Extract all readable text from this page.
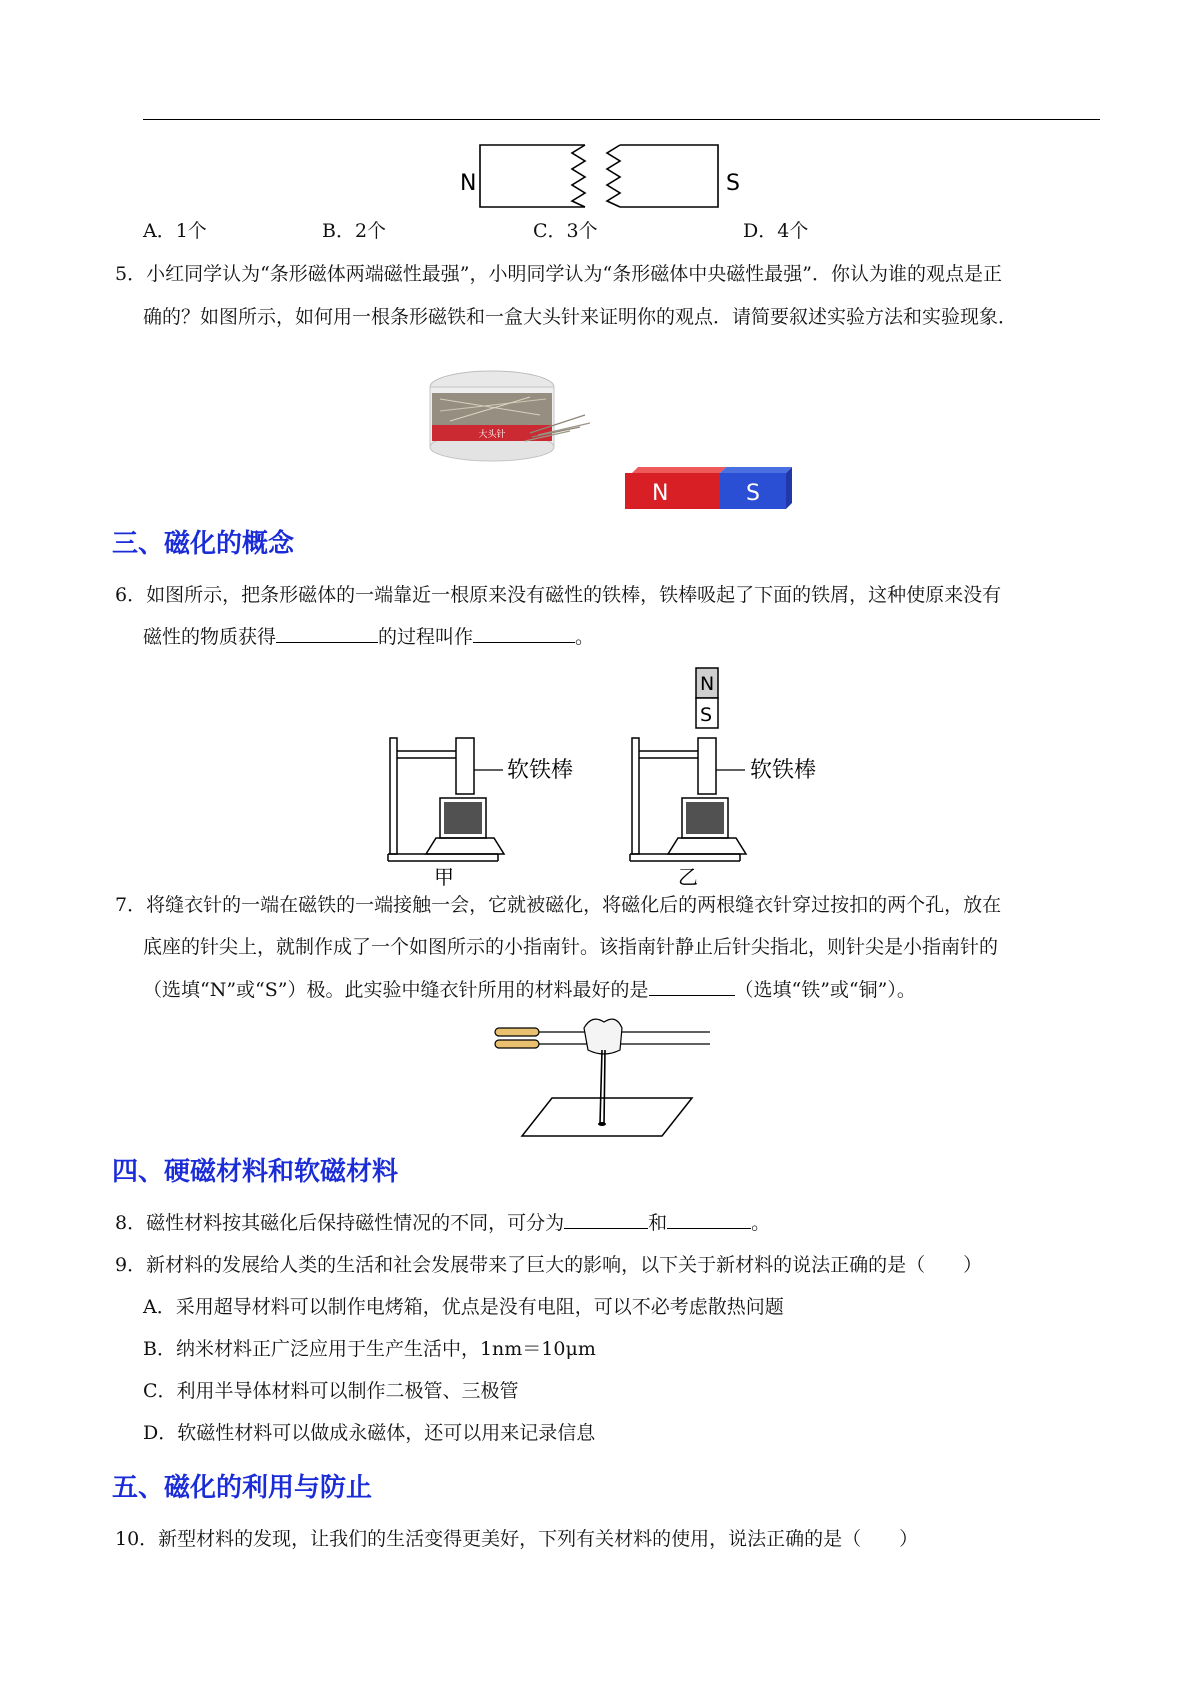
N	S
A．1个	B．2个	C．3个	D．4个
5．小红同学认为“条形磁体两端磁性最强”，小明同学认为“条形磁体中央磁性最强”．你认为谁的观点是正
确的？如图所示，如何用一根条形磁铁和一盒大头针来证明你的观点．请简要叙述实验方法和实验现象．
大头针
N	S
三、磁化的概念
6．如图所示，把条形磁体的一端靠近一根原来没有磁性的铁棒，铁棒吸起了下面的铁屑，这种使原来没有
磁性的物质获得	的过程叫作	。
软铁棒
甲
N
S
软铁棒
乙
7．将缝衣针的一端在磁铁的一端接触一会，它就被磁化，将磁化后的两根缝衣针穿过按扣的两个孔，放在
底座的针尖上，就制作成了一个如图所示的小指南针。该指南针静止后针尖指北，则针尖是小指南针的
（选填“N”或“S”）极。此实验中缝衣针所用的材料最好的是	（选填“铁”或“铜”）。
四、硬磁材料和软磁材料
8．磁性材料按其磁化后保持磁性情况的不同，可分为	和	。
9．新材料的发展给人类的生活和社会发展带来了巨大的影响，以下关于新材料的说法正确的是（　　）
A．采用超导材料可以制作电烤箱，优点是没有电阻，可以不必考虑散热问题
B．纳米材料正广泛应用于生产生活中，1nm＝10μm
C．利用半导体材料可以制作二极管、三极管
D．软磁性材料可以做成永磁体，还可以用来记录信息
五、磁化的利用与防止
10．新型材料的发现，让我们的生活变得更美好，下列有关材料的使用，说法正确的是（　　）
